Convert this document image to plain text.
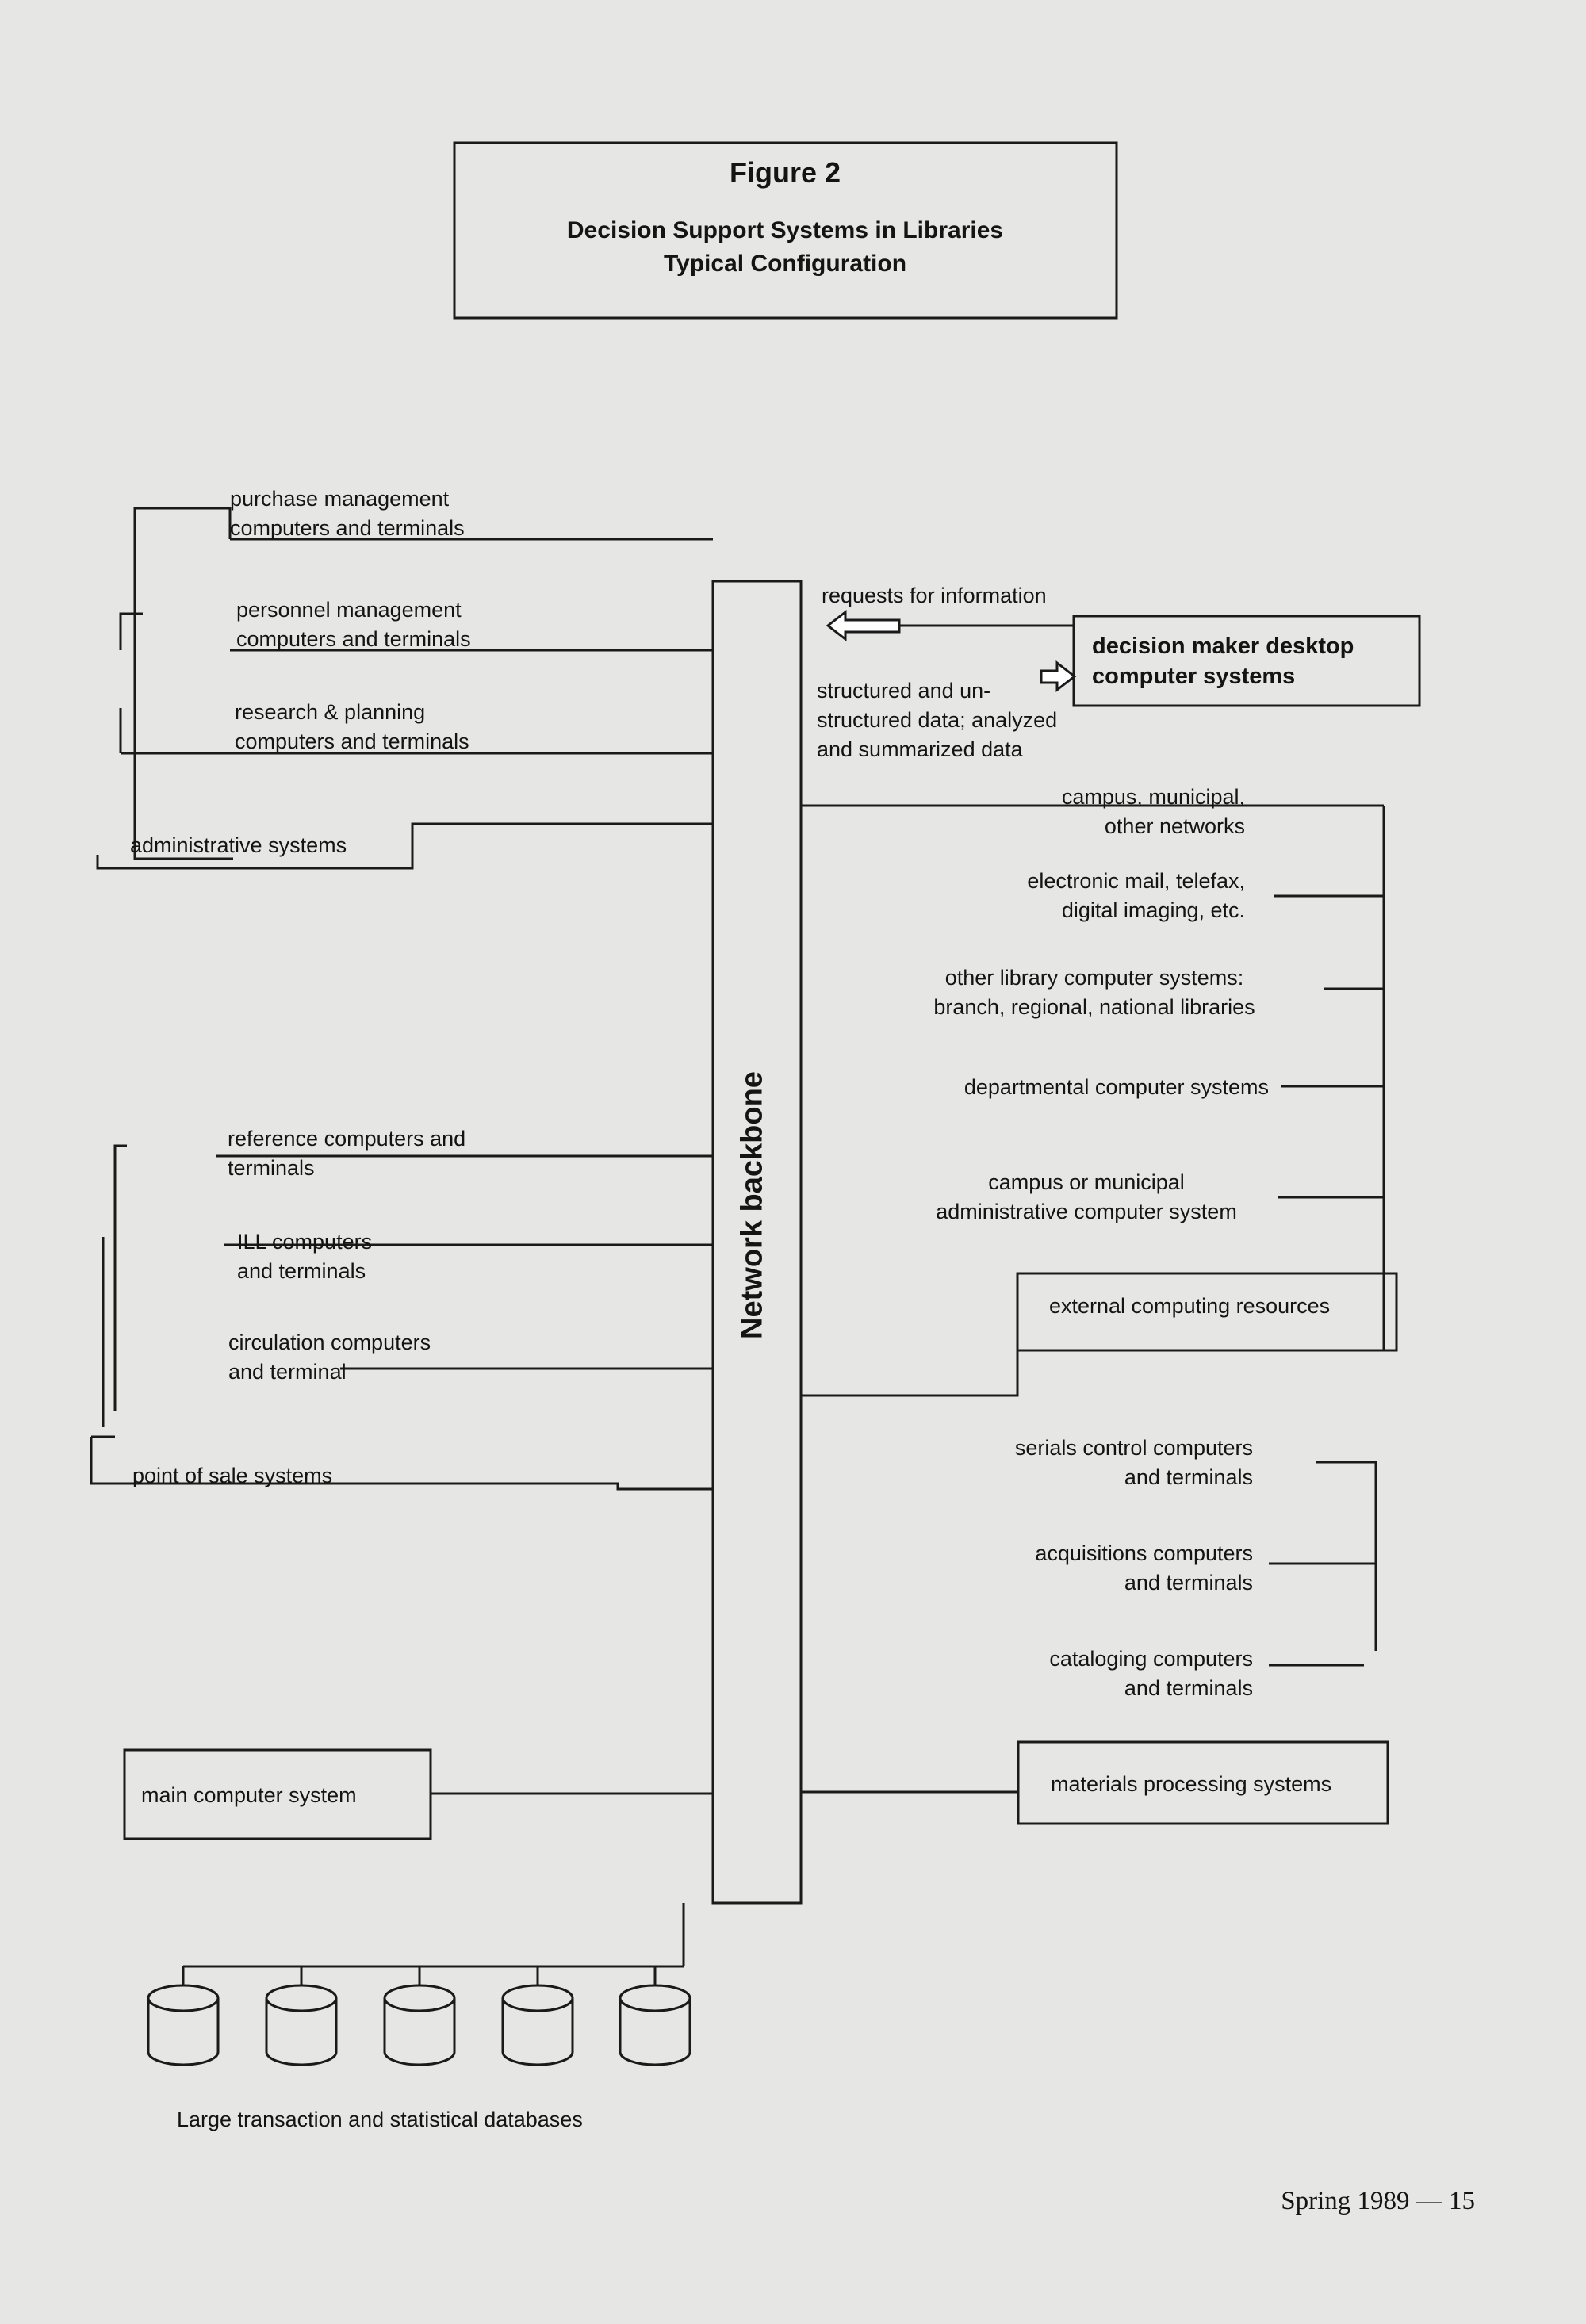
Figure 2
Decision Support Systems in Libraries
Typical Configuration
Network backbone
purchase management
computers and terminals
personnel management
computers and terminals
research & planning
computers and terminals
administrative systems
reference computers and
terminals
ILL computers
and terminals
circulation computers
and terminal
point of sale systems
main computer system
requests for information
decision maker desktop
computer systems
structured and un-
structured data; analyzed
and summarized data
campus, municipal,
other networks
electronic mail, telefax,
digital imaging, etc.
other library computer systems:
branch, regional, national libraries
departmental computer systems
campus or municipal
administrative computer system
external computing resources
serials control computers
and terminals
acquisitions computers
and terminals
cataloging computers
and terminals
materials processing systems
Large transaction and statistical databases
Spring 1989 — 15
